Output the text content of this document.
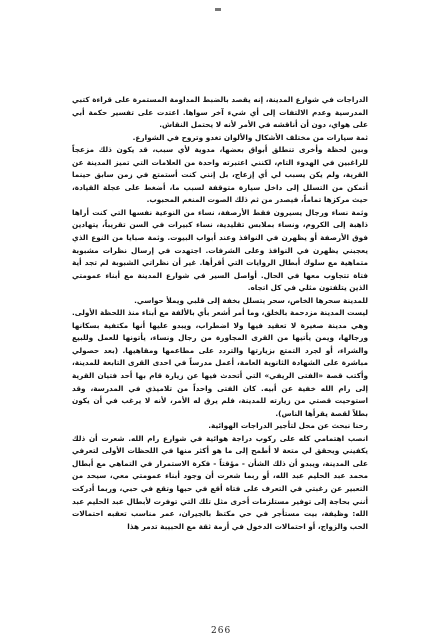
الدراجات في شوارع المدينة، إنه يقصد بالضبط المداومة المستمرة على قراءة كتبي المدرسية وعدم الالتفات إلى أي شيء آخر سواها. اعتدت على تفسير حكمة أبي على هواي، دون أن أناقشه في الأمر لأنه لا يحتمل النقاش.

ثمة سيارات من مختلف الأشكال والألوان تغدو وتروح في الشوارع.

وبين لحظة وأخرى تنطلق أبواق بعضها، مدوية لأي سبب، قد يكون ذلك مزعجاً للراغبين في الهدوء التام، لكنني اعتبرته واحدة من العلامات التي تميز المدينة عن القرية، ولم يكن يسبب لي أي إزعاج، بل إنني كنت أستمتع في زمن سابق حينما أتمكن من التسلل إلى داخل سيارة متوقفة لسبب ما، أضغط على عجلة القيادة، حيث مركزها تماماً، فيصدر من ثم ذلك الصوت المنغم المحبوب.

وثمة نساء ورجال يسيرون فقط الأرصفة، نساء من النوعية نفسها التي كنت أراها ذاهبة إلى الكروم، ونساء بملابس تقليدية، نساء كبيرات في السن تقريباً، يتهادين فوق الأرصفة أو يظهرن في النوافذ وعند أبواب البيوت. وثمة صبايا من النوع الذي يعجبني يظهرن في النوافذ وعلى الشرفات. اجتهدت في إرسال نظرات مشبوبة متماهية مع سلوك أبطال الروايات التي أقرأها. غير أن نظراتي الشبوبة لم تجد أية فتاة تتجاوب معها في الحال. أواصل السير في شوارع المدينة مع أبناء عمومتي الذين يتلفتون مثلي في كل اتجاه.

للمدينة سحرها الخاص، سحر يتسلل بخفة إلى قلبي ويملأ حواسي.

ليست المدينة مزدحمة بالخلق، وما أمر أشعر بأي بالألفة مع أبناء منذ اللحظة الأولى. وهي مدينة صغيرة لا تعقيد فيها ولا اضطراب، ويبدو عليها أنها مكتفية بسكانها ورجالها، ويمن يأتيها من القرى المجاورة من رجال ونساء، يأتونها للعمل وللبيع والشراء، أو لجرد التمتع بزيارتها والتردد على مطاعمها ومقاهيها. (بعد حصولي مباشرة على الشهادة الثانوية العامة، أعمل مدرساً في احدى القرى التابعة للمدينة، وأكتب قصة «الفتى الريفي» التي أتحدث فيها عن زيارة قام بها أحد فتيان القرية إلى رام الله خفية عن أبيه. كان الفتى واحداً من تلاميذي في المدرسة، وقد استوحيت قصتي من زيارته للمدينة، فلم يرق له الأمر، لأنه لا يرغب في أن يكون بطلاً لقصة يقرأها الناس).

رحنا نبحث عن محل لتأجير الدراجات الهوائية.

انصب اهتمامي كله على ركوب دراجة هوائية في شوارع رام الله. شعرت أن ذلك يكفيني ويحقق لي متعة لا أطمح إلى ما هو أكثر منها في اللحظات الأولى لتعرفي على المدينة، ويبدو أن ذلك الشأن - مؤقتاً - فكرة الاستمرار في التماهي مع أبطال محمد عبد الحليم عبد الله، أو ربما شعرت أن وجود أبناء عمومتي معي، سيحد من التعبير عن رغبتي في التعرف على فتاة أقع في حبها وتقع في حبي، وربما أدركت أنني بحاجة إلى توفير مستلزمات أخرى مثل تلك التي توفرت لأبطال عبد الحليم عبد الله: وظيفة، بيت مستأجر في حي مكتظ بالجيران، عمر مناسب تعقبه احتمالات الحب والزواج، أو احتمالات الدخول في أزمة ثقة مع الحبيبة تدمر هذا

266
